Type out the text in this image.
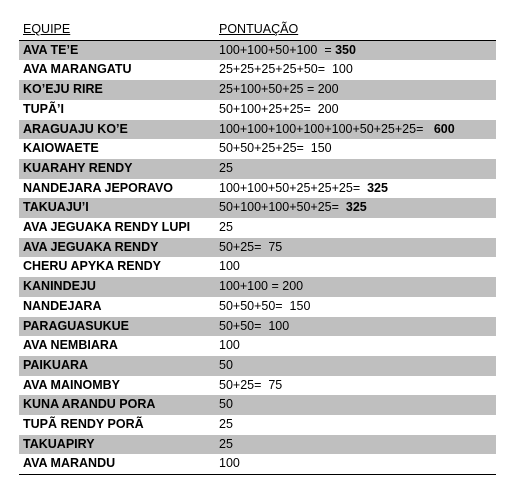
EQUIPE	PONTUAÇÃO
AVA TE’E	100+100+50+100  = 350
AVA MARANGATU	25+25+25+25+50=  100
KO’EJU RIRE	25+100+50+25 = 200
TUPÃ’I	50+100+25+25=  200
ARAGUAJU KO’E	100+100+100+100+100+50+25+25=   600
KAIOWAETE	50+50+25+25=  150
KUARAHY RENDY	25
NANDEJARA JEPORAVO	100+100+50+25+25+25=  325
TAKUAJU’I	50+100+100+50+25=  325
AVA JEGUAKA RENDY LUPI	25
AVA JEGUAKA RENDY	50+25=  75
CHERU APYKA RENDY	100
KANINDEJU	100+100 = 200
NANDEJARA	50+50+50=  150
PARAGUASUKUE	50+50=  100
AVA NEMBIARA	100
PAIKUARA	50
AVA MAINOMBY	50+25=  75
KUNA ARANDU PORA	50
TUPÃ RENDY PORÃ	25
TAKUAPIRY	25
AVA MARANDU	100
